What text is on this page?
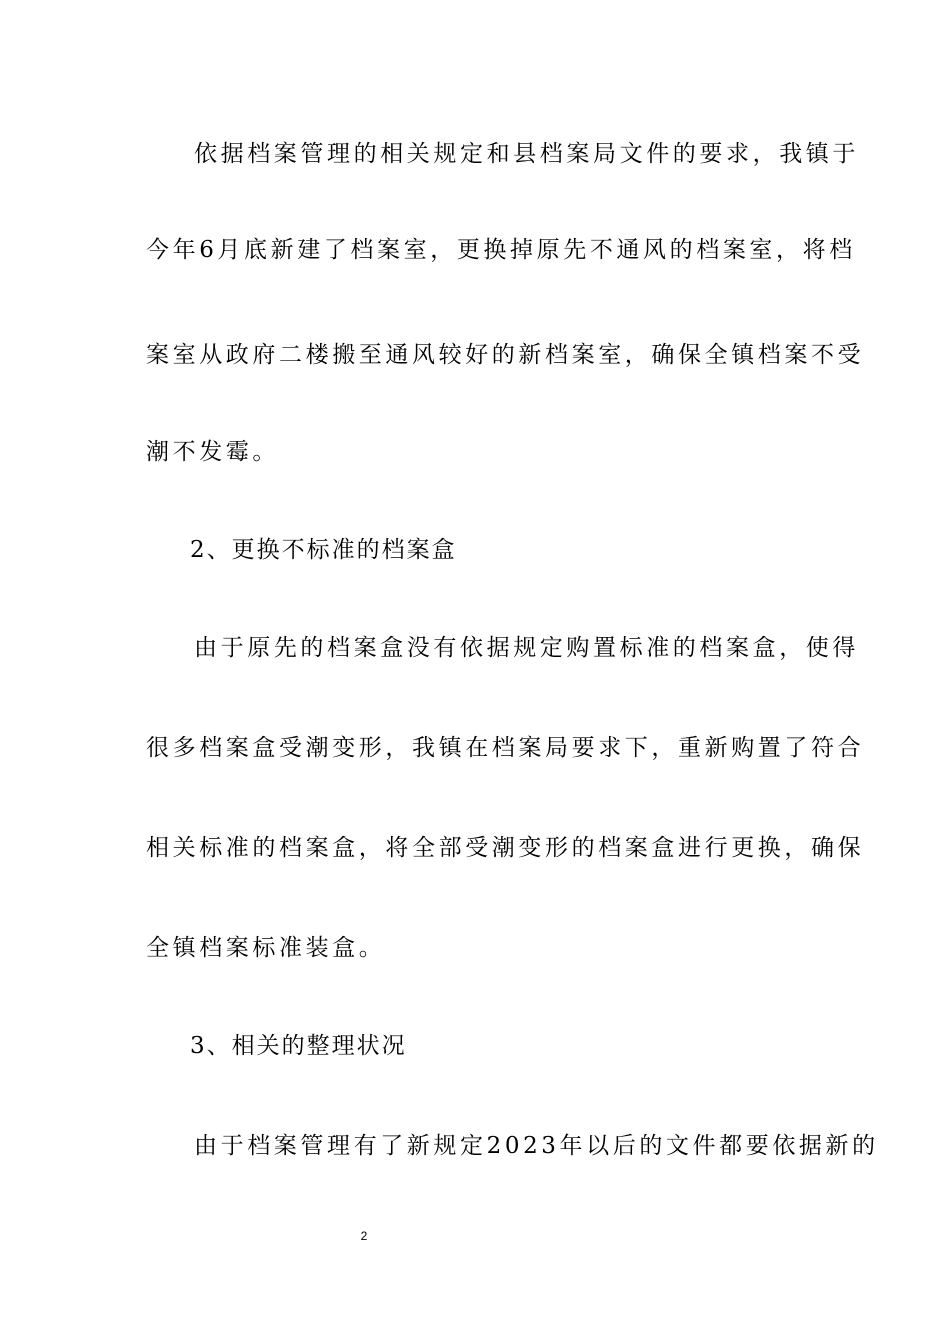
依据档案管理的相关规定和县档案局文件的要求，我镇于
今年6月底新建了档案室，更换掉原先不通风的档案室，将档
案室从政府二楼搬至通风较好的新档案室，确保全镇档案不受
潮不发霉。
2、更换不标准的档案盒
由于原先的档案盒没有依据规定购置标准的档案盒，使得
很多档案盒受潮变形，我镇在档案局要求下，重新购置了符合
相关标准的档案盒，将全部受潮变形的档案盒进行更换，确保
全镇档案标准装盒。
3、相关的整理状况
由于档案管理有了新规定2023年以后的文件都要依据新的
2
